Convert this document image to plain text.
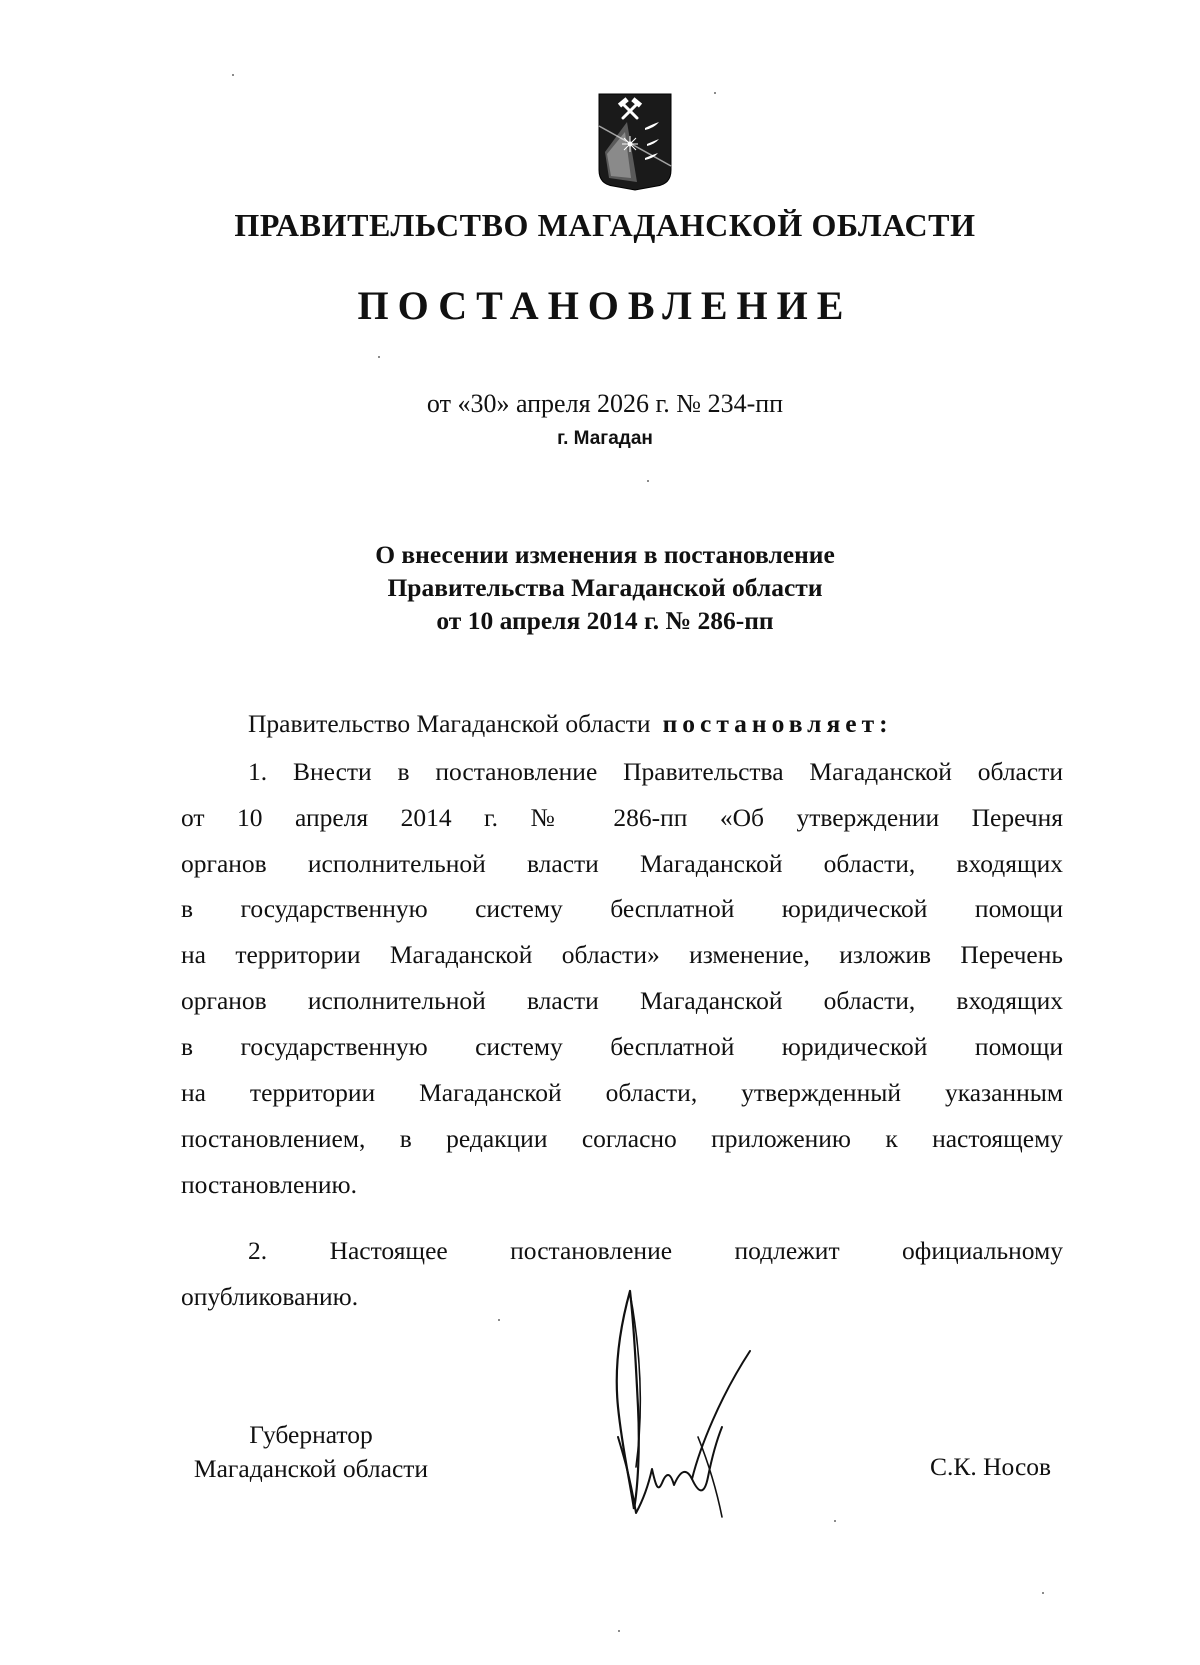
ПРАВИТЕЛЬСТВО МАГАДАНСКОЙ ОБЛАСТИ
ПОСТАНОВЛЕНИЕ
от «30» апреля 2026 г. № 234-пп
г. Магадан
О внесении изменения в постановление
Правительства Магаданской области
от 10 апреля 2014 г. № 286-пп
Правительство Магаданской области постановляет:
1. Внести в постановление Правительства Магаданской области
от 10 апреля 2014 г. № 286-пп «Об утверждении Перечня
органов исполнительной власти Магаданской области, входящих
в государственную систему бесплатной юридической помощи
на территории Магаданской области» изменение, изложив Перечень
органов исполнительной власти Магаданской области, входящих
в государственную систему бесплатной юридической помощи
на территории Магаданской области, утвержденный указанным
постановлением, в редакции согласно приложению к настоящему
постановлению.
2. Настоящее постановление подлежит официальному
опубликованию.
Губернатор
Магаданской области	С.К. Носов
